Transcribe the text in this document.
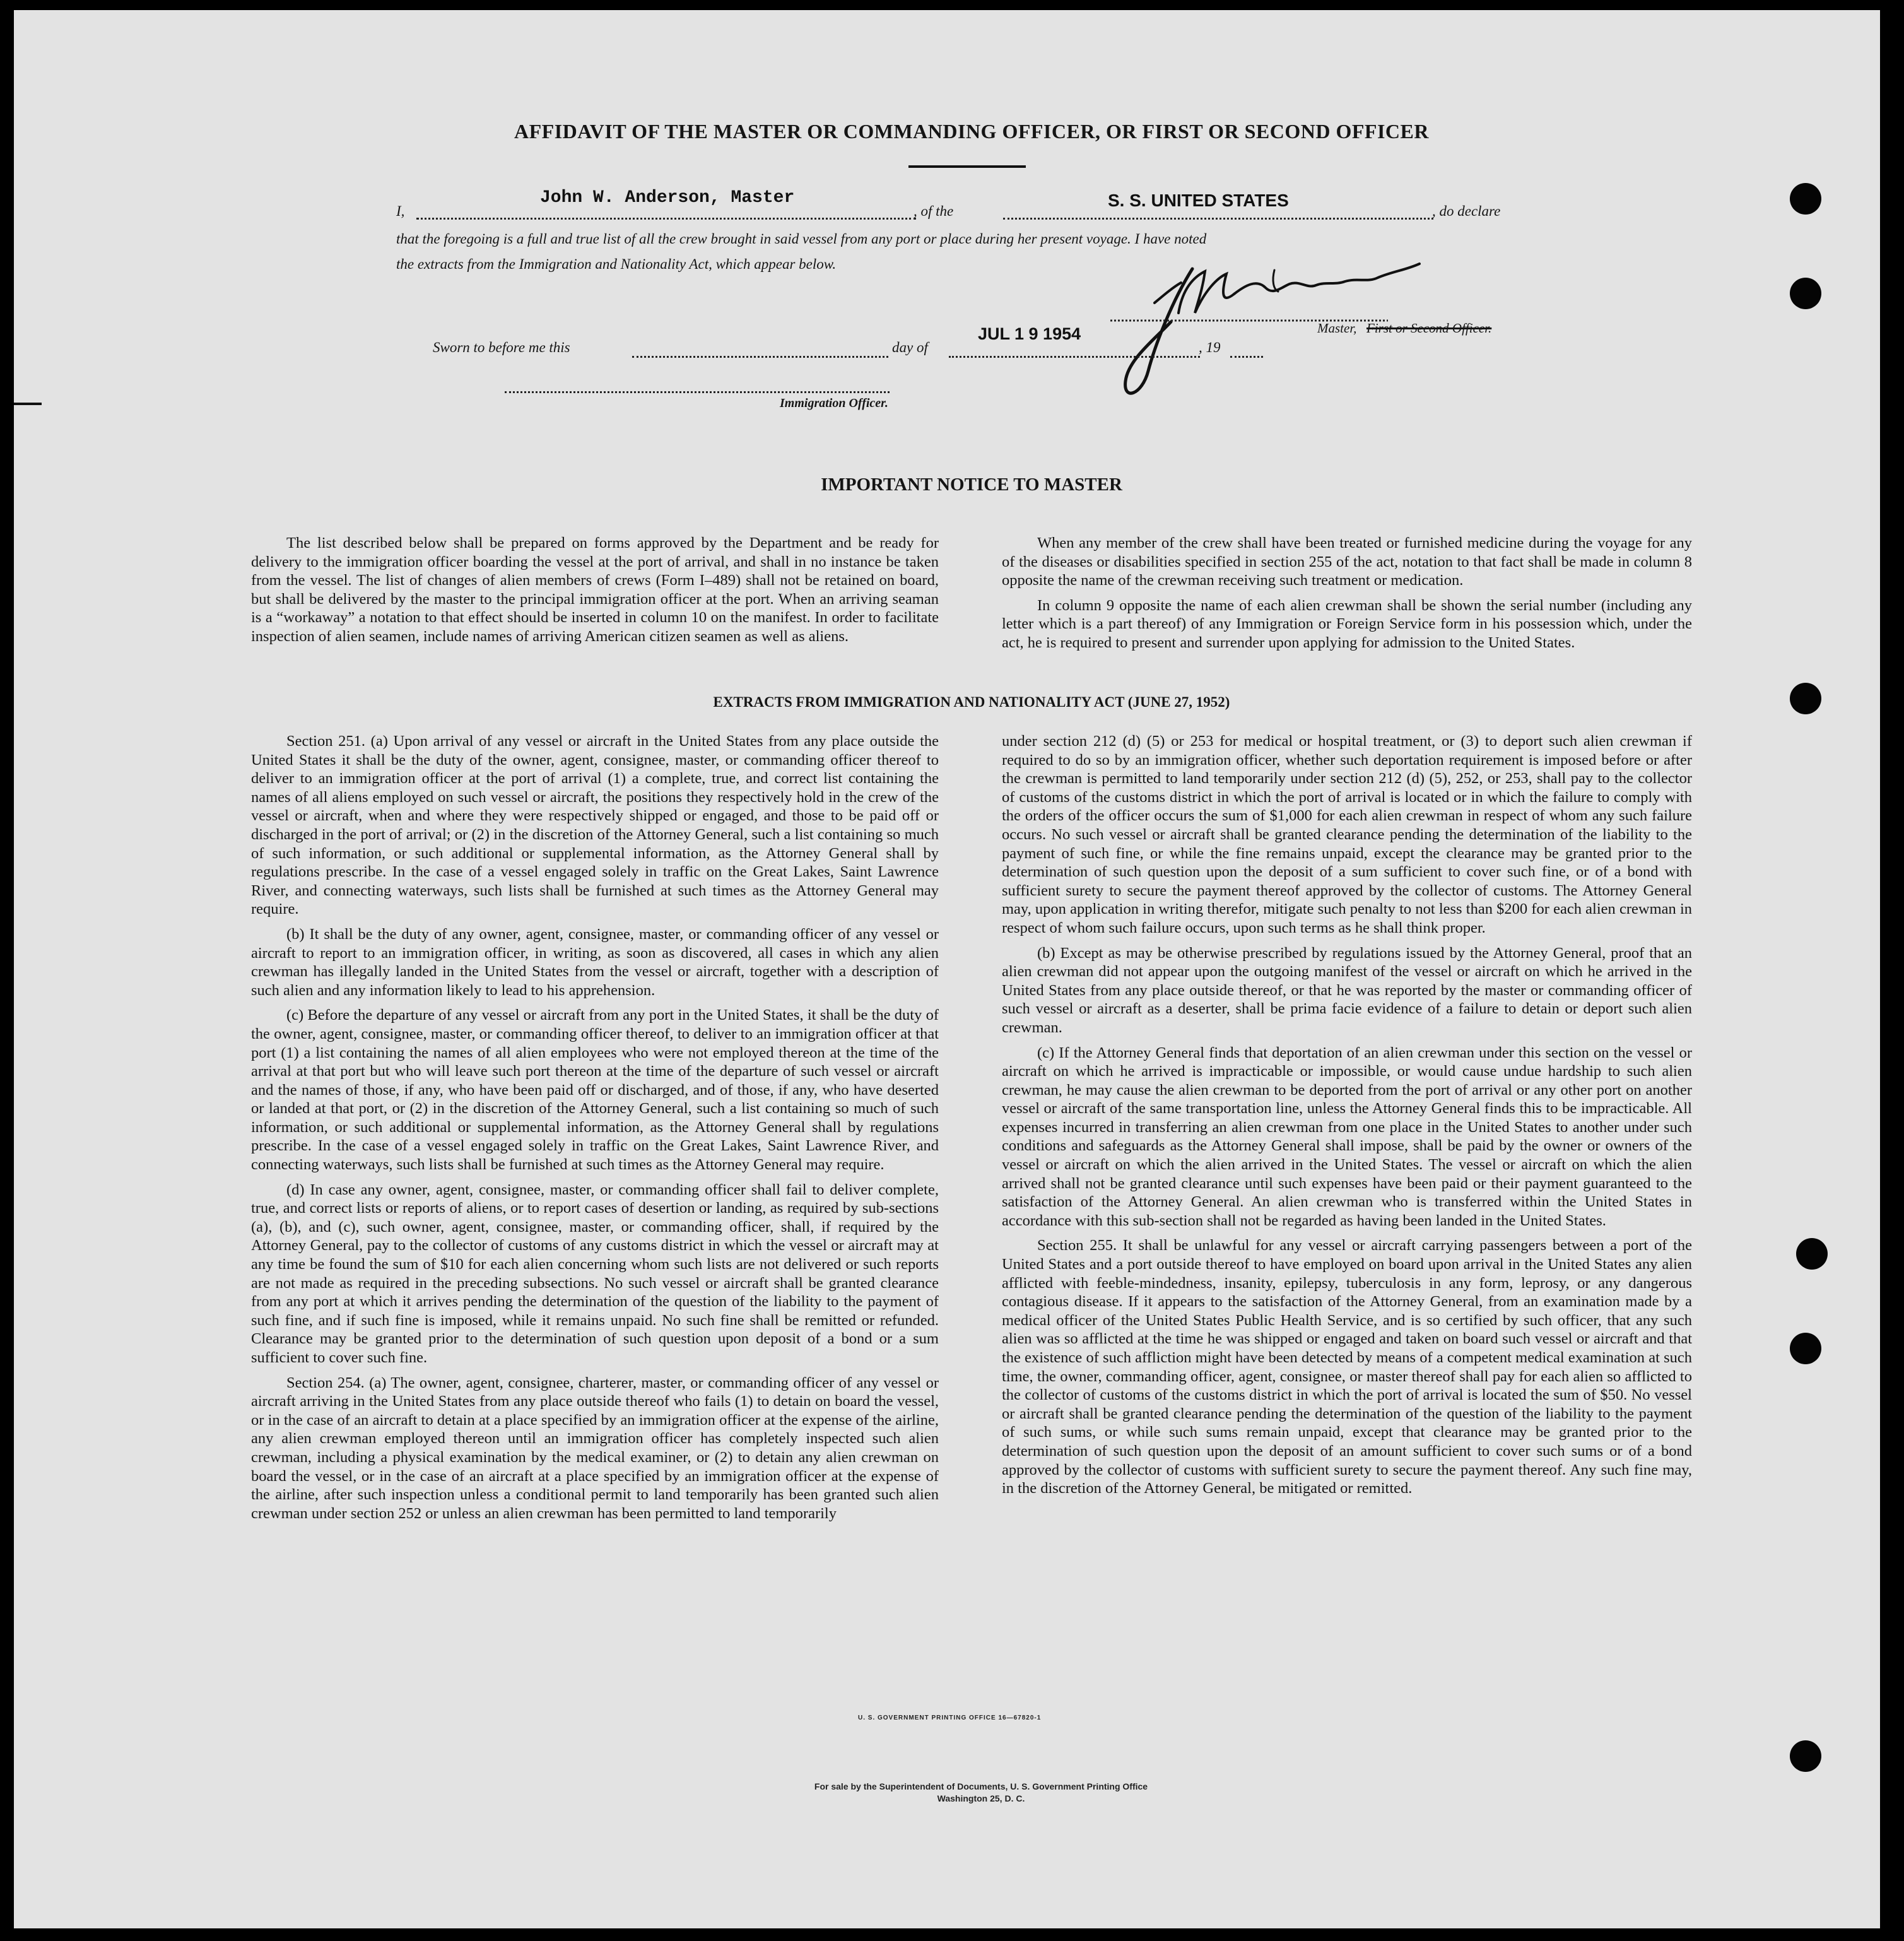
AFFIDAVIT OF THE MASTER OR COMMANDING OFFICER, OR FIRST OR SECOND OFFICER
I,
John W. Anderson, Master
, of the
S. S. UNITED STATES
, do declare
that the foregoing is a full and true list of all the crew brought in said vessel from any port or place during her present voyage. I have noted
the extracts from the Immigration and Nationality Act, which appear below.
Master, First or Second Officer.
Sworn to before me this	day of
JUL 1 9 1954
, 19
Immigration Officer.
IMPORTANT NOTICE TO MASTER

The list described below shall be prepared on forms approved by the Department and be ready for delivery to the immigration officer boarding the vessel at the port of arrival, and shall in no instance be taken from the vessel. The list of changes of alien members of crews (Form I–489) shall not be retained on board, but shall be delivered by the master to the principal immigration officer at the port. When an arriving seaman is a “workaway” a notation to that effect should be inserted in column 10 on the manifest. In order to facilitate inspection of alien seamen, include names of arriving American citizen seamen as well as aliens.

When any member of the crew shall have been treated or furnished medicine during the voyage for any of the diseases or disabilities specified in section 255 of the act, notation to that fact shall be made in column 8 opposite the name of the crewman receiving such treatment or medication.

In column 9 opposite the name of each alien crewman shall be shown the serial number (including any letter which is a part thereof) of any Immigration or Foreign Service form in his possession which, under the act, he is required to present and surrender upon applying for admission to the United States.

EXTRACTS FROM IMMIGRATION AND NATIONALITY ACT (JUNE 27, 1952)

Section 251. (a) Upon arrival of any vessel or aircraft in the United States from any place outside the United States it shall be the duty of the owner, agent, consignee, master, or commanding officer thereof to deliver to an immigration officer at the port of arrival (1) a complete, true, and correct list containing the names of all aliens employed on such vessel or aircraft, the positions they respectively hold in the crew of the vessel or aircraft, when and where they were respectively shipped or engaged, and those to be paid off or discharged in the port of arrival; or (2) in the discretion of the Attorney General, such a list containing so much of such information, or such additional or supplemental information, as the Attorney General shall by regulations prescribe. In the case of a vessel engaged solely in traffic on the Great Lakes, Saint Lawrence River, and connecting waterways, such lists shall be furnished at such times as the Attorney General may require.

(b) It shall be the duty of any owner, agent, consignee, master, or commanding officer of any vessel or aircraft to report to an immigration officer, in writing, as soon as discovered, all cases in which any alien crewman has illegally landed in the United States from the vessel or aircraft, together with a description of such alien and any information likely to lead to his apprehension.

(c) Before the departure of any vessel or aircraft from any port in the United States, it shall be the duty of the owner, agent, consignee, master, or commanding officer thereof, to deliver to an immigration officer at that port (1) a list containing the names of all alien employees who were not employed thereon at the time of the arrival at that port but who will leave such port thereon at the time of the departure of such vessel or aircraft and the names of those, if any, who have been paid off or discharged, and of those, if any, who have deserted or landed at that port, or (2) in the discretion of the Attorney General, such a list containing so much of such information, or such additional or supplemental information, as the Attorney General shall by regulations prescribe. In the case of a vessel engaged solely in traffic on the Great Lakes, Saint Lawrence River, and connecting waterways, such lists shall be furnished at such times as the Attorney General may require.

(d) In case any owner, agent, consignee, master, or commanding officer shall fail to deliver complete, true, and correct lists or reports of aliens, or to report cases of desertion or landing, as required by sub-sections (a), (b), and (c), such owner, agent, consignee, master, or commanding officer, shall, if required by the Attorney General, pay to the collector of customs of any customs district in which the vessel or aircraft may at any time be found the sum of $10 for each alien concerning whom such lists are not delivered or such reports are not made as required in the preceding subsections. No such vessel or aircraft shall be granted clearance from any port at which it arrives pending the determination of the question of the liability to the payment of such fine, and if such fine is imposed, while it remains unpaid. No such fine shall be remitted or refunded. Clearance may be granted prior to the determination of such question upon deposit of a bond or a sum sufficient to cover such fine.

Section 254. (a) The owner, agent, consignee, charterer, master, or commanding officer of any vessel or aircraft arriving in the United States from any place outside thereof who fails (1) to detain on board the vessel, or in the case of an aircraft to detain at a place specified by an immigration officer at the expense of the airline, any alien crewman employed thereon until an immigration officer has completely inspected such alien crewman, including a physical examination by the medical examiner, or (2) to detain any alien crewman on board the vessel, or in the case of an aircraft at a place specified by an immigration officer at the expense of the airline, after such inspection unless a conditional permit to land temporarily has been granted such alien crewman under section 252 or unless an alien crewman has been permitted to land temporarily

under section 212 (d) (5) or 253 for medical or hospital treatment, or (3) to deport such alien crewman if required to do so by an immigration officer, whether such deportation requirement is imposed before or after the crewman is permitted to land temporarily under section 212 (d) (5), 252, or 253, shall pay to the collector of customs of the customs district in which the port of arrival is located or in which the failure to comply with the orders of the officer occurs the sum of $1,000 for each alien crewman in respect of whom any such failure occurs. No such vessel or aircraft shall be granted clearance pending the determination of the liability to the payment of such fine, or while the fine remains unpaid, except the clearance may be granted prior to the determination of such question upon the deposit of a sum sufficient to cover such fine, or of a bond with sufficient surety to secure the payment thereof approved by the collector of customs. The Attorney General may, upon application in writing therefor, mitigate such penalty to not less than $200 for each alien crewman in respect of whom such failure occurs, upon such terms as he shall think proper.

(b) Except as may be otherwise prescribed by regulations issued by the Attorney General, proof that an alien crewman did not appear upon the outgoing manifest of the vessel or aircraft on which he arrived in the United States from any place outside thereof, or that he was reported by the master or commanding officer of such vessel or aircraft as a deserter, shall be prima facie evidence of a failure to detain or deport such alien crewman.

(c) If the Attorney General finds that deportation of an alien crewman under this section on the vessel or aircraft on which he arrived is impracticable or impossible, or would cause undue hardship to such alien crewman, he may cause the alien crewman to be deported from the port of arrival or any other port on another vessel or aircraft of the same transportation line, unless the Attorney General finds this to be impracticable. All expenses incurred in transferring an alien crewman from one place in the United States to another under such conditions and safeguards as the Attorney General shall impose, shall be paid by the owner or owners of the vessel or aircraft on which the alien arrived in the United States. The vessel or aircraft on which the alien arrived shall not be granted clearance until such expenses have been paid or their payment guaranteed to the satisfaction of the Attorney General. An alien crewman who is transferred within the United States in accordance with this sub-section shall not be regarded as having been landed in the United States.

Section 255. It shall be unlawful for any vessel or aircraft carrying passengers between a port of the United States and a port outside thereof to have employed on board upon arrival in the United States any alien afflicted with feeble-mindedness, insanity, epilepsy, tuberculosis in any form, leprosy, or any dangerous contagious disease. If it appears to the satisfaction of the Attorney General, from an examination made by a medical officer of the United States Public Health Service, and is so certified by such officer, that any such alien was so afflicted at the time he was shipped or engaged and taken on board such vessel or aircraft and that the existence of such affliction might have been detected by means of a competent medical examination at such time, the owner, commanding officer, agent, consignee, or master thereof shall pay for each alien so afflicted to the collector of customs of the customs district in which the port of arrival is located the sum of $50. No vessel or aircraft shall be granted clearance pending the determination of the question of the liability to the payment of such sums, or while such sums remain unpaid, except that clearance may be granted prior to the determination of such question upon the deposit of an amount sufficient to cover such sums or of a bond approved by the collector of customs with sufficient surety to secure the payment thereof. Any such fine may, in the discretion of the Attorney General, be mitigated or remitted.

U. S. GOVERNMENT PRINTING OFFICE 16—67820-1
For sale by the Superintendent of Documents, U. S. Government Printing Office
Washington 25, D. C.
